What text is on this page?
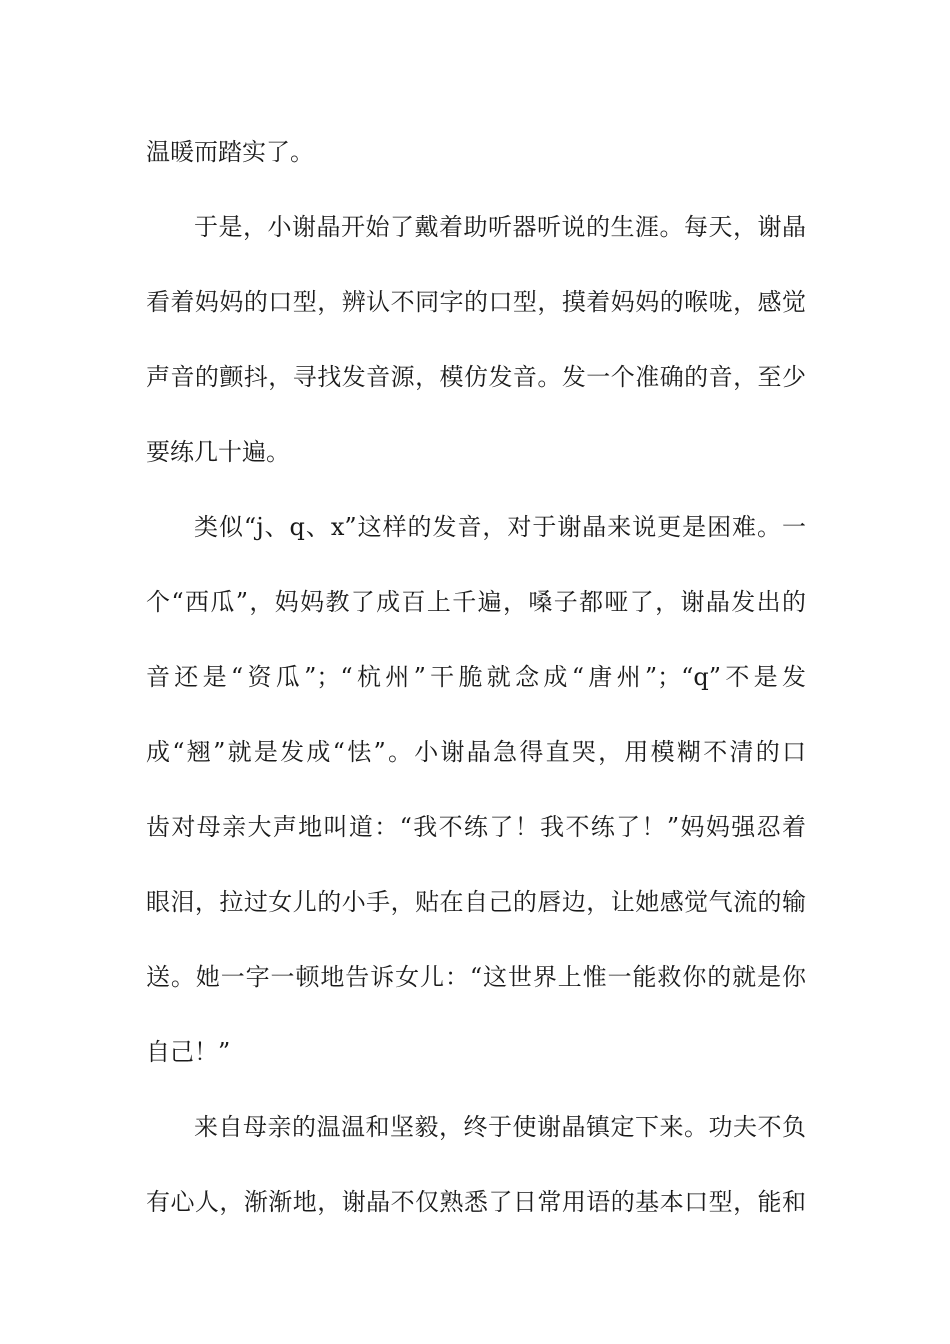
温暖而踏实了。
于是，小谢晶开始了戴着助听器听说的生涯。每天，谢晶
看着妈妈的口型，辨认不同字的口型，摸着妈妈的喉咙，感觉
声音的颤抖，寻找发音源，模仿发音。发一个准确的音，至少
要练几十遍。
类似“j、q、x”这样的发音，对于谢晶来说更是困难。一
个“西瓜”，妈妈教了成百上千遍，嗓子都哑了，谢晶发出的
音还是“资瓜”；“杭州”干脆就念成“唐州”；“q”不是发
成“翘”就是发成“怯”。小谢晶急得直哭，用模糊不清的口
齿对母亲大声地叫道：“我不练了！我不练了！”妈妈强忍着
眼泪，拉过女儿的小手，贴在自己的唇边，让她感觉气流的输
送。她一字一顿地告诉女儿：“这世界上惟一能救你的就是你
自己！”
来自母亲的温温和坚毅，终于使谢晶镇定下来。功夫不负
有心人，渐渐地，谢晶不仅熟悉了日常用语的基本口型，能和
